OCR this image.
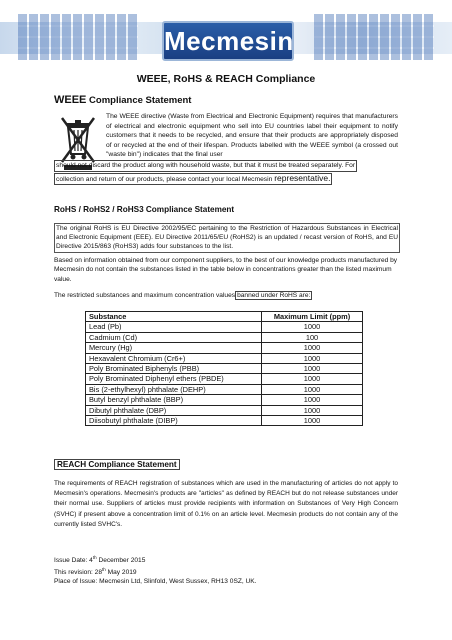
Mecmesin
WEEE, RoHS & REACH Compliance
WEEE Compliance Statement
The WEEE directive (Waste from Electrical and Electronic Equipment) requires that manufacturers of electrical and electronic equipment who sell into EU countries label their equipment to notify customers that it needs to be recycled, and ensure that their products are appropriately disposed of or recycled at the end of their lifespan. Products labelled with the WEEE symbol (a crossed out "waste bin") indicates that the final user
should not discard the product along with household waste, but that it must be treated separately. For
collection and return of our products, please contact your local Mecmesin representative.
RoHS / RoHS2 / RoHS3 Compliance Statement
The original RoHS is EU Directive 2002/95/EC pertaining to the Restriction of Hazardous Substances in Electrical and Electronic Equipment (EEE). EU Directive 2011/65/EU (RoHS2) is an updated / recast version of RoHS, and EU Directive 2015/863 (RoHS3) adds four substances to the list.
Based on information obtained from our component suppliers, to the best of our knowledge products manufactured by Mecmesin do not contain the substances listed in the table below in concentrations greater than the listed maximum value.
The restricted substances and maximum concentration values banned under RoHS are:
Substance	Maximum Limit (ppm)
Lead (Pb)	1000
Cadmium (Cd)	100
Mercury (Hg)	1000
Hexavalent Chromium (Cr6+)	1000
Poly Brominated Biphenyls (PBB)	1000
Poly Brominated Diphenyl ethers (PBDE)	1000
Bis (2-ethylhexyl) phthalate (DEHP)	1000
Butyl benzyl phthalate (BBP)	1000
Dibutyl phthalate (DBP)	1000
Diisobutyl phthalate (DIBP)	1000
REACH Compliance Statement
The requirements of REACH registration of substances which are used in the manufacturing of articles do not apply to Mecmesin's operations. Mecmesin's products are "articles" as defined by REACH but do not release substances under their normal use. Suppliers of articles must provide recipients with information on Substances of Very High Concern (SVHC) if present above a concentration limit of 0.1% on an article level. Mecmesin products do not contain any of the currently listed SVHC's.
Issue Date: 4th December 2015
This revision: 28th May 2019
Place of Issue: Mecmesin Ltd, Slinfold, West Sussex, RH13 0SZ, UK.
